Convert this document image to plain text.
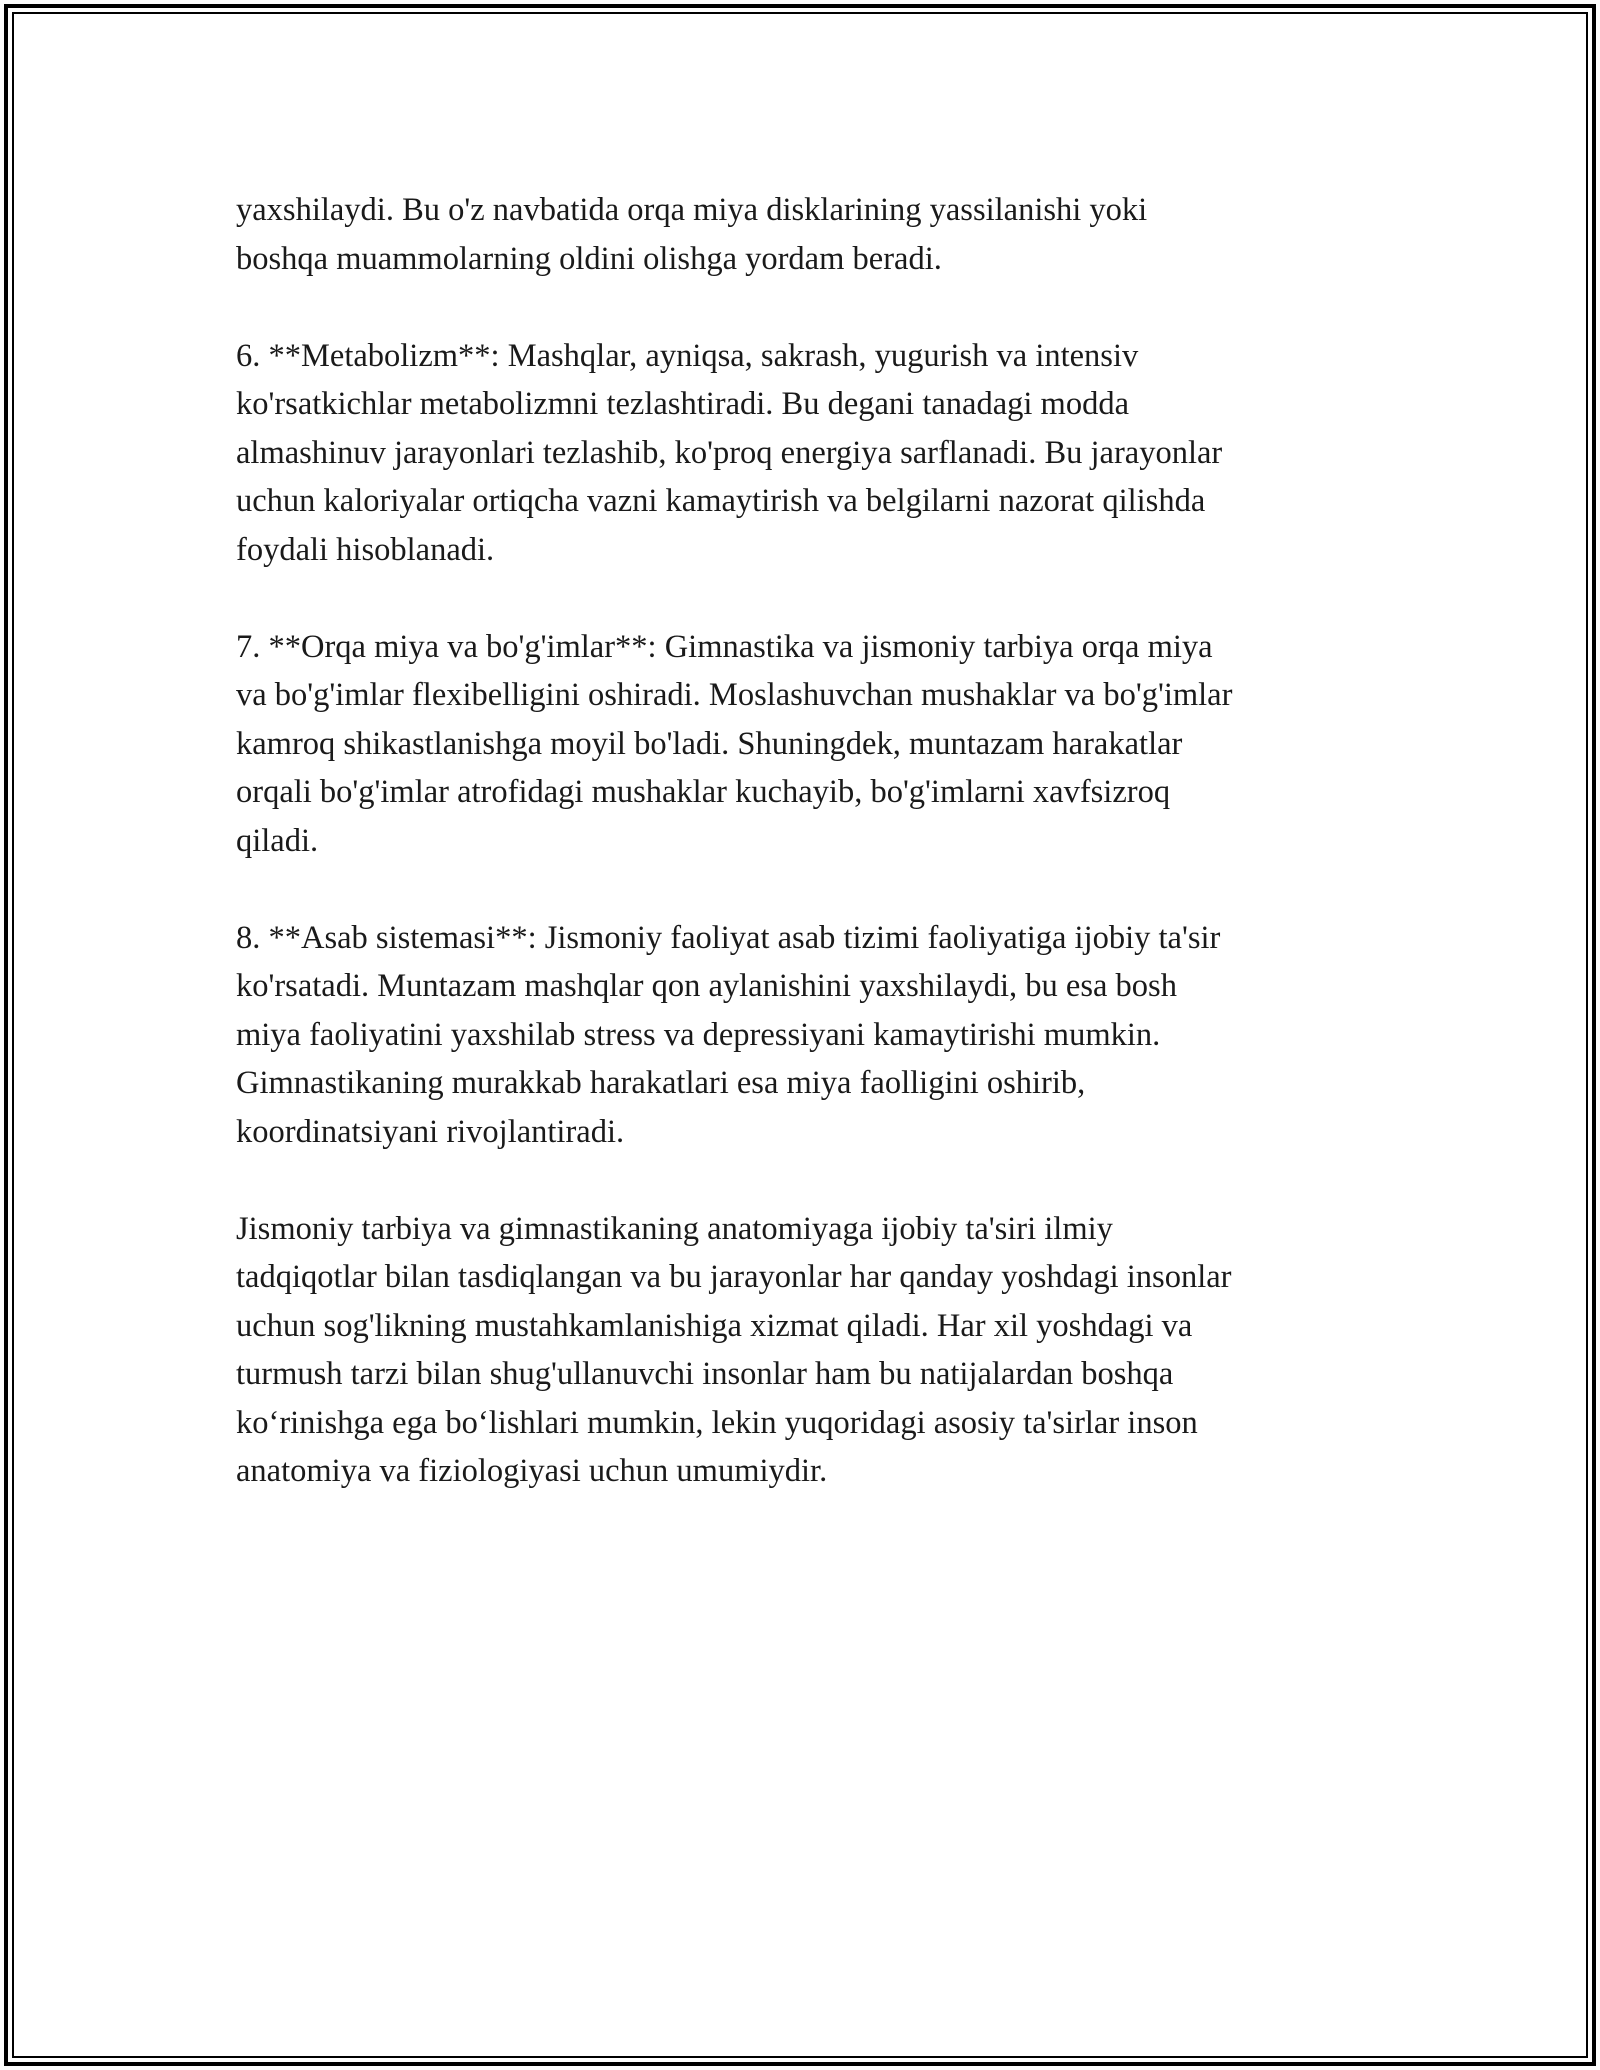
yaxshilaydi. Bu o'z navbatida orqa miya disklarining yassilanishi yoki
boshqa muammolarning oldini olishga yordam beradi.

6. **Metabolizm**: Mashqlar, ayniqsa, sakrash, yugurish va intensiv
ko'rsatkichlar metabolizmni tezlashtiradi. Bu degani tanadagi modda
almashinuv jarayonlari tezlashib, ko'proq energiya sarflanadi. Bu jarayonlar
uchun kaloriyalar ortiqcha vazni kamaytirish va belgilarni nazorat qilishda
foydali hisoblanadi.

7. **Orqa miya va bo'g'imlar**: Gimnastika va jismoniy tarbiya orqa miya
va bo'g'imlar flexibelligini oshiradi. Moslashuvchan mushaklar va bo'g'imlar
kamroq shikastlanishga moyil bo'ladi. Shuningdek, muntazam harakatlar
orqali bo'g'imlar atrofidagi mushaklar kuchayib, bo'g'imlarni xavfsizroq
qiladi.

8. **Asab sistemasi**: Jismoniy faoliyat asab tizimi faoliyatiga ijobiy ta'sir
ko'rsatadi. Muntazam mashqlar qon aylanishini yaxshilaydi, bu esa bosh
miya faoliyatini yaxshilab stress va depressiyani kamaytirishi mumkin.
Gimnastikaning murakkab harakatlari esa miya faolligini oshirib,
koordinatsiyani rivojlantiradi.

Jismoniy tarbiya va gimnastikaning anatomiyaga ijobiy ta'siri ilmiy
tadqiqotlar bilan tasdiqlangan va bu jarayonlar har qanday yoshdagi insonlar
uchun sog'likning mustahkamlanishiga xizmat qiladi. Har xil yoshdagi va
turmush tarzi bilan shug'ullanuvchi insonlar ham bu natijalardan boshqa
ko‘rinishga ega bo‘lishlari mumkin, lekin yuqoridagi asosiy ta'sirlar inson
anatomiya va fiziologiyasi uchun umumiydir.
